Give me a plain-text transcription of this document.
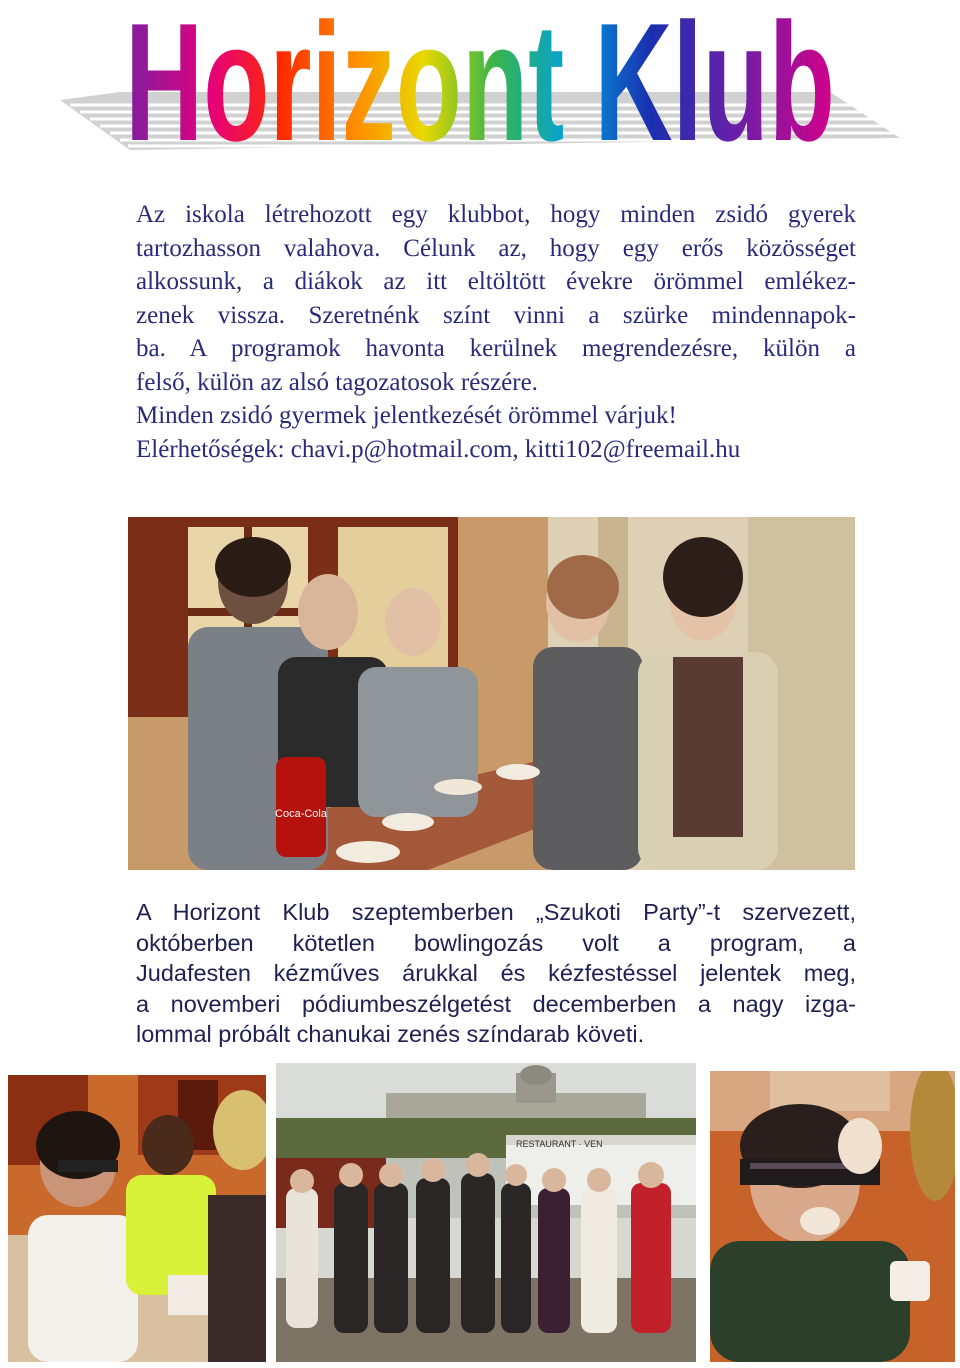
Horizont Klub
Az iskola létrehozott egy klubbot, hogy minden zsidó gyerek
tartozhasson valahova. Célunk az, hogy egy erős közösséget
alkossunk, a diákok az itt eltöltött évekre örömmel emlékez-
zenek vissza. Szeretnénk színt vinni a szürke mindennapok-
ba. A programok havonta kerülnek megrendezésre, külön a
felső, külön az alsó tagozatosok részére.
Minden zsidó gyermek jelentkezését örömmel várjuk!
Elérhetőségek: chavi.p@hotmail.com, kitti102@freemail.hu
Coca-Cola
A Horizont Klub szeptemberben „Szukoti Party”-t szervezett,
októberben kötetlen bowlingozás volt a program, a
Judafesten kézműves árukkal és kézfestéssel jelentek meg,
a novemberi pódiumbeszélgetést decemberben a nagy izga-
lommal próbált chanukai zenés színdarab követi.
RESTAURANT · VEN
